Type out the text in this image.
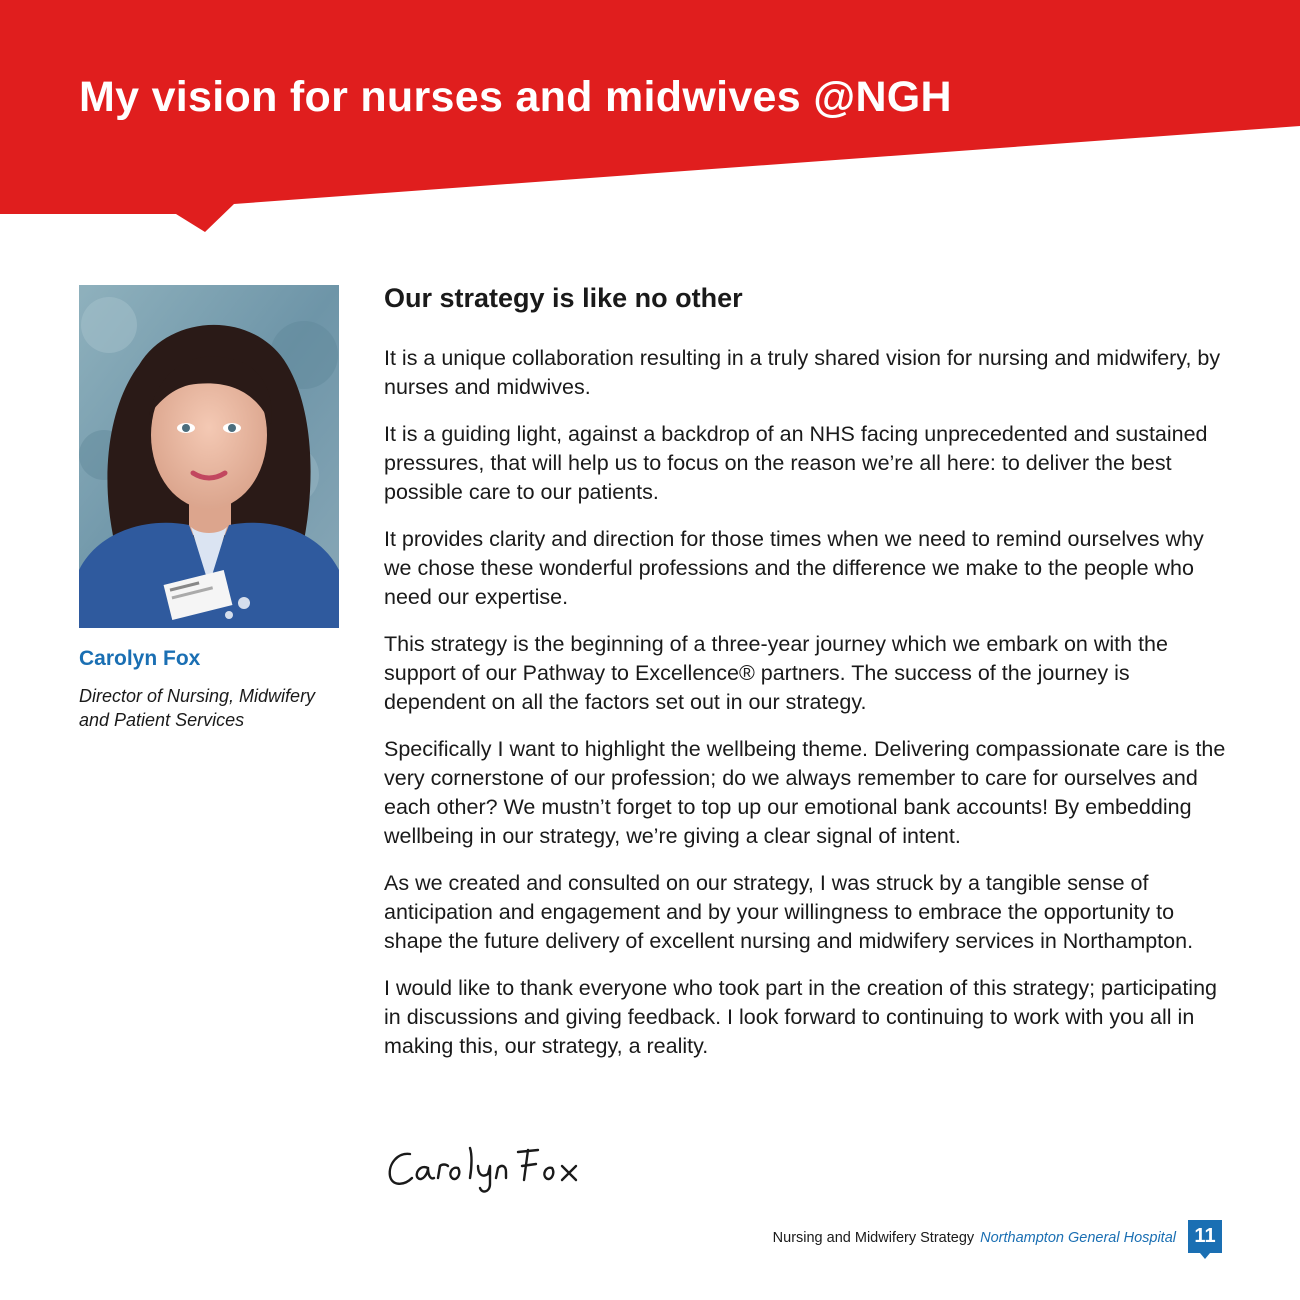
My vision for nurses and midwives @NGH
Carolyn Fox

Director of Nursing, Midwifery and Patient Services

Our strategy is like no other

It is a unique collaboration resulting in a truly shared vision for nursing and midwifery, by nurses and midwives.

It is a guiding light, against a backdrop of an NHS facing unprecedented and sustained pressures, that will help us to focus on the reason we’re all here: to deliver the best possible care to our patients.

It provides clarity and direction for those times when we need to remind ourselves why we chose these wonderful professions and the difference we make to the people who need our expertise.

This strategy is the beginning of a three-year journey which we embark on with the support of our Pathway to Excellence® partners. The success of the journey is dependent on all the factors set out in our strategy.

Specifically I want to highlight the wellbeing theme. Delivering compassionate care is the very cornerstone of our profession; do we always remember to care for ourselves and each other? We mustn’t forget to top up our emotional bank accounts! By embedding wellbeing in our strategy, we’re giving a clear signal of intent.

As we created and consulted on our strategy, I was struck by a tangible sense of anticipation and engagement and by your willingness to embrace the opportunity to shape the future delivery of excellent nursing and midwifery services in Northampton.

I would like to thank everyone who took part in the creation of this strategy; participating in discussions and giving feedback. I look forward to continuing to work with you all in making this, our strategy, a reality.

Nursing and Midwifery Strategy Northampton General Hospital 11
